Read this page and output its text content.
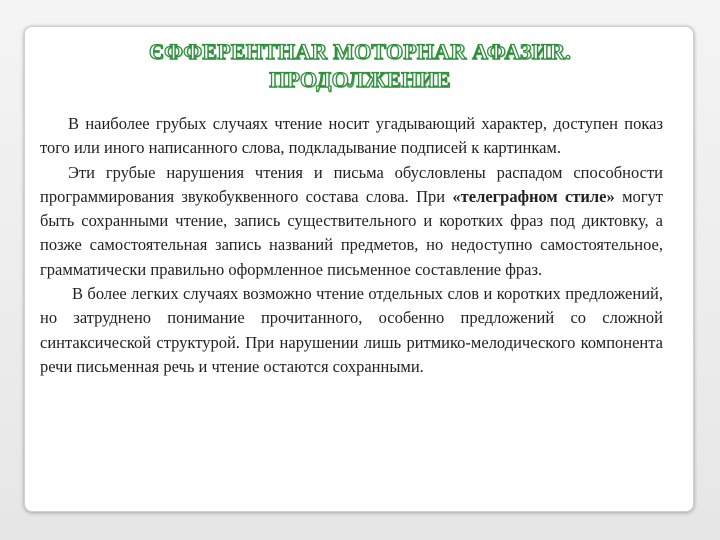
ЄФФЕРЕНТНАR МОТОРНАR АФАЗИR.
ПРОДОЛЖЕНИЕ

В наиболее грубых случаях чтение носит угадывающий характер, доступен показ того или иного написанного слова, подкладывание подписей к картинкам.

Эти грубые нарушения чтения и письма обусловлены распадом способности программирования звукобуквенного состава слова. При «телеграфном стиле» могут быть сохранными чтение, запись существительного и коротких фраз под диктовку, а позже самостоятельная запись названий предметов, но недоступно самостоятельное, грамматически правильно оформленное письменное составление фраз.

В более легких случаях возможно чтение отдельных слов и коротких предложений, но затруднено понимание прочитанного, особенно предложений со сложной синтаксической структурой. При нарушении лишь ритмико-мелодического компонента речи письменная речь и чтение остаются сохранными.
